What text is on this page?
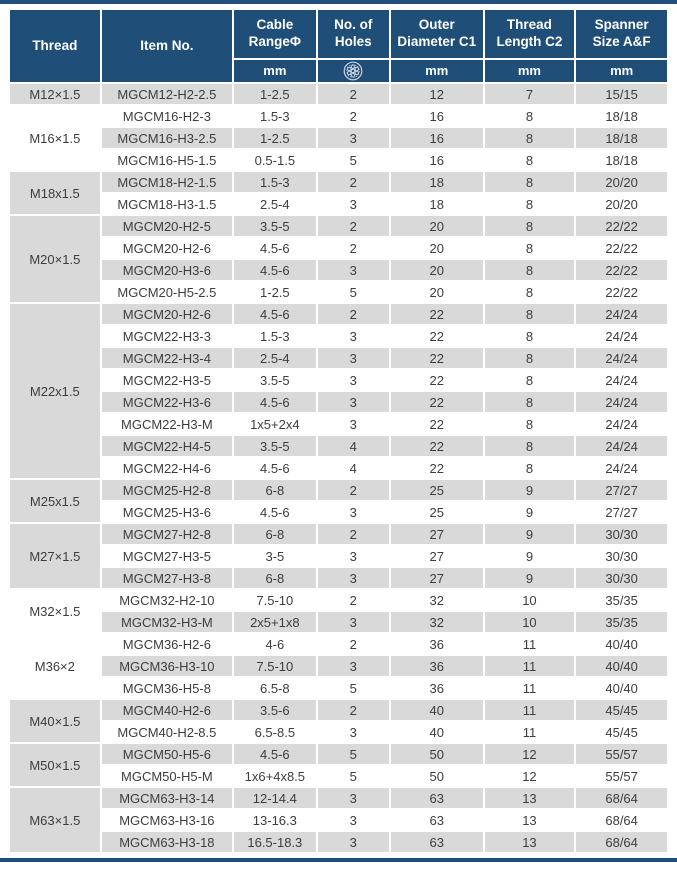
Thread	Item No.	Cable RangeΦ	No. of Holes	Outer Diameter C1	Thread Length C2	Spanner Size A&F
		mm		mm	mm	mm
M12×1.5	MGCM12-H2-2.5	1-2.5	2	12	7	15/15
M16×1.5	MGCM16-H2-3	1.5-3	2	16	8	18/18
	MGCM16-H3-2.5	1-2.5	3	16	8	18/18
	MGCM16-H5-1.5	0.5-1.5	5	16	8	18/18
M18x1.5	MGCM18-H2-1.5	1.5-3	2	18	8	20/20
	MGCM18-H3-1.5	2.5-4	3	18	8	20/20
M20×1.5	MGCM20-H2-5	3.5-5	2	20	8	22/22
	MGCM20-H2-6	4.5-6	2	20	8	22/22
	MGCM20-H3-6	4.5-6	3	20	8	22/22
	MGCM20-H5-2.5	1-2.5	5	20	8	22/22
M22x1.5	MGCM20-H2-6	4.5-6	2	22	8	24/24
	MGCM22-H3-3	1.5-3	3	22	8	24/24
	MGCM22-H3-4	2.5-4	3	22	8	24/24
	MGCM22-H3-5	3.5-5	3	22	8	24/24
	MGCM22-H3-6	4.5-6	3	22	8	24/24
	MGCM22-H3-M	1x5+2x4	3	22	8	24/24
	MGCM22-H4-5	3.5-5	4	22	8	24/24
	MGCM22-H4-6	4.5-6	4	22	8	24/24
M25x1.5	MGCM25-H2-8	6-8	2	25	9	27/27
	MGCM25-H3-6	4.5-6	3	25	9	27/27
M27×1.5	MGCM27-H2-8	6-8	2	27	9	30/30
	MGCM27-H3-5	3-5	3	27	9	30/30
	MGCM27-H3-8	6-8	3	27	9	30/30
M32×1.5	MGCM32-H2-10	7.5-10	2	32	10	35/35
	MGCM32-H3-M	2x5+1x8	3	32	10	35/35
M36×2	MGCM36-H2-6	4-6	2	36	11	40/40
	MGCM36-H3-10	7.5-10	3	36	11	40/40
	MGCM36-H5-8	6.5-8	5	36	11	40/40
M40×1.5	MGCM40-H2-6	3.5-6	2	40	11	45/45
	MGCM40-H2-8.5	6.5-8.5	3	40	11	45/45
M50×1.5	MGCM50-H5-6	4.5-6	5	50	12	55/57
	MGCM50-H5-M	1x6+4x8.5	5	50	12	55/57
M63×1.5	MGCM63-H3-14	12-14.4	3	63	13	68/64
	MGCM63-H3-16	13-16.3	3	63	13	68/64
	MGCM63-H3-18	16.5-18.3	3	63	13	68/64
